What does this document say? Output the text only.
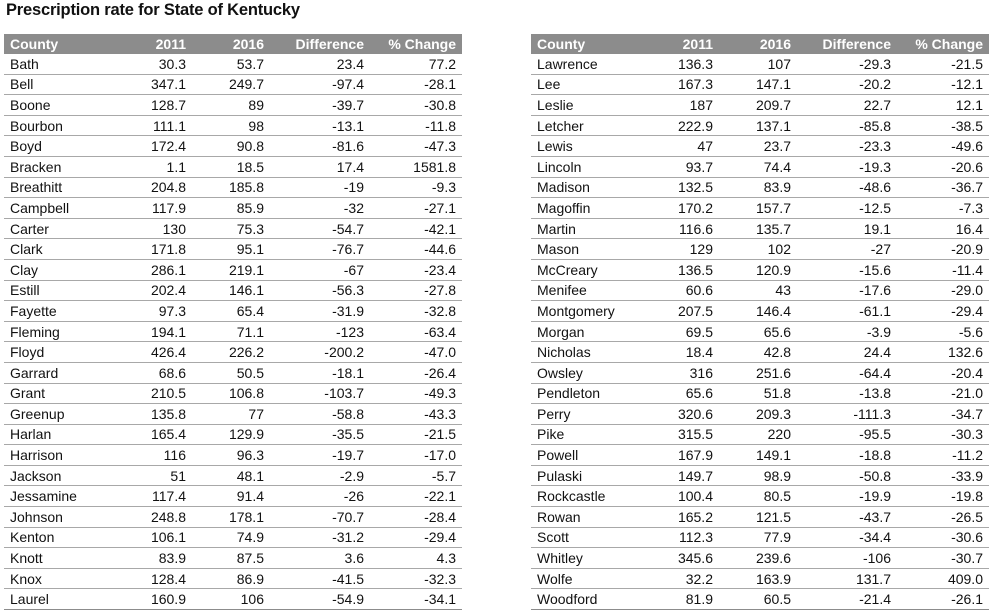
Prescription rate for State of Kentucky
County	2011	2016	Difference	% Change
Bath	30.3	53.7	23.4	77.2
Bell	347.1	249.7	-97.4	-28.1
Boone	128.7	89	-39.7	-30.8
Bourbon	111.1	98	-13.1	-11.8
Boyd	172.4	90.8	-81.6	-47.3
Bracken	1.1	18.5	17.4	1581.8
Breathitt	204.8	185.8	-19	-9.3
Campbell	117.9	85.9	-32	-27.1
Carter	130	75.3	-54.7	-42.1
Clark	171.8	95.1	-76.7	-44.6
Clay	286.1	219.1	-67	-23.4
Estill	202.4	146.1	-56.3	-27.8
Fayette	97.3	65.4	-31.9	-32.8
Fleming	194.1	71.1	-123	-63.4
Floyd	426.4	226.2	-200.2	-47.0
Garrard	68.6	50.5	-18.1	-26.4
Grant	210.5	106.8	-103.7	-49.3
Greenup	135.8	77	-58.8	-43.3
Harlan	165.4	129.9	-35.5	-21.5
Harrison	116	96.3	-19.7	-17.0
Jackson	51	48.1	-2.9	-5.7
Jessamine	117.4	91.4	-26	-22.1
Johnson	248.8	178.1	-70.7	-28.4
Kenton	106.1	74.9	-31.2	-29.4
Knott	83.9	87.5	3.6	4.3
Knox	128.4	86.9	-41.5	-32.3
Laurel	160.9	106	-54.9	-34.1
County	2011	2016	Difference	% Change
Lawrence	136.3	107	-29.3	-21.5
Lee	167.3	147.1	-20.2	-12.1
Leslie	187	209.7	22.7	12.1
Letcher	222.9	137.1	-85.8	-38.5
Lewis	47	23.7	-23.3	-49.6
Lincoln	93.7	74.4	-19.3	-20.6
Madison	132.5	83.9	-48.6	-36.7
Magoffin	170.2	157.7	-12.5	-7.3
Martin	116.6	135.7	19.1	16.4
Mason	129	102	-27	-20.9
McCreary	136.5	120.9	-15.6	-11.4
Menifee	60.6	43	-17.6	-29.0
Montgomery	207.5	146.4	-61.1	-29.4
Morgan	69.5	65.6	-3.9	-5.6
Nicholas	18.4	42.8	24.4	132.6
Owsley	316	251.6	-64.4	-20.4
Pendleton	65.6	51.8	-13.8	-21.0
Perry	320.6	209.3	-111.3	-34.7
Pike	315.5	220	-95.5	-30.3
Powell	167.9	149.1	-18.8	-11.2
Pulaski	149.7	98.9	-50.8	-33.9
Rockcastle	100.4	80.5	-19.9	-19.8
Rowan	165.2	121.5	-43.7	-26.5
Scott	112.3	77.9	-34.4	-30.6
Whitley	345.6	239.6	-106	-30.7
Wolfe	32.2	163.9	131.7	409.0
Woodford	81.9	60.5	-21.4	-26.1
